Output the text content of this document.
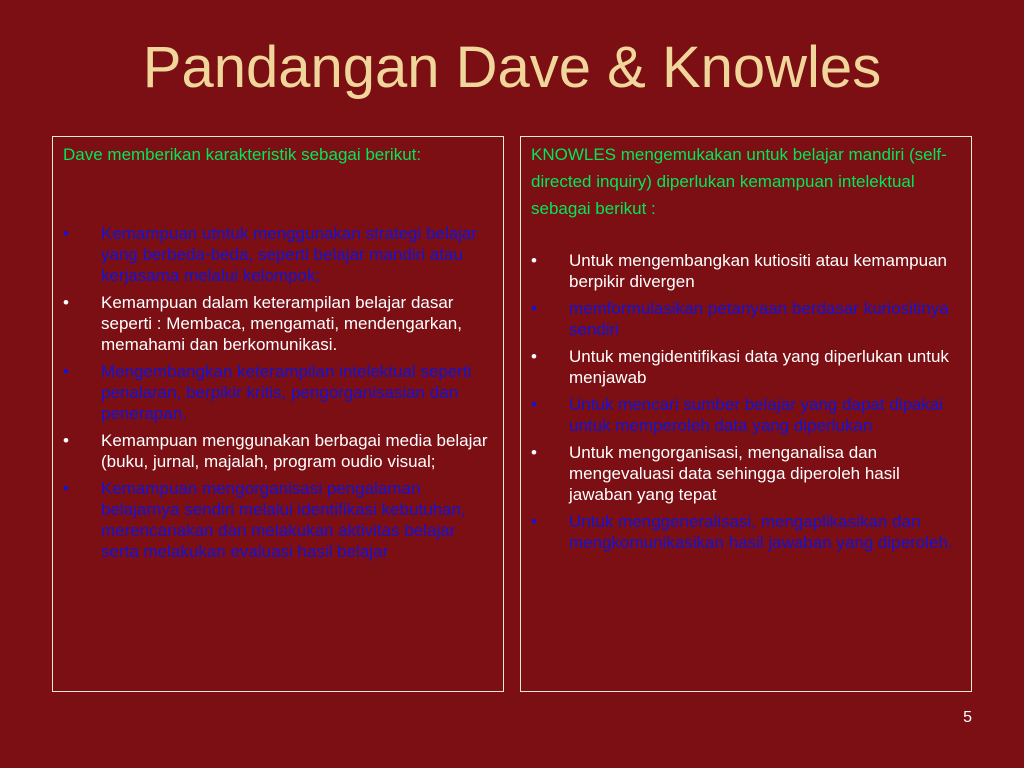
Pandangan Dave & Knowles

Dave memberikan karakteristik sebagai berikut:

•	Kemampuan utntuk menggunakan strategi belajar yang berbeda-beda, seperti belajar mandiri atau kerjasama melalui kelompok;
•	Kemampuan dalam keterampilan belajar dasar seperti : Membaca, mengamati, mendengarkan, memahami dan berkomunikasi.
•	Mengembangkan keterampilan intelektual seperti penalaran, berpikir kritis, pengorganisasian dan penerapan.
•	Kemampuan menggunakan berbagai media belajar (buku, jurnal, majalah, program oudio visual;
•	Kemampuan mengorganisasi pengalaman belajarnya sendiri melalui identifikasi kebutuhan, merencanakan dan melakukan aktivitas belajar serta melakukan evaluasi hasil belajar

KNOWLES mengemukakan untuk belajar mandiri (self-directed inquiry) diperlukan kemampuan intelektual sebagai berikut :

•	Untuk mengembangkan kutiositi atau kemampuan berpikir divergen
•	memformulasikan petanyaan berdasar kuriositinya sendiri
•	Untuk mengidentifikasi data yang diperlukan untuk menjawab
•	Untuk mencari sumber belajar yang dapat dipakai untuk memperoleh data yang diperlukan
•	Untuk mengorganisasi, menganalisa dan mengevaluasi data sehingga diperoleh hasil jawaban yang tepat
•	Untuk menggeneralisasi, mengaplikasikan dan mengkomunikasikan hasil jawaban yang diperoleh.
5
